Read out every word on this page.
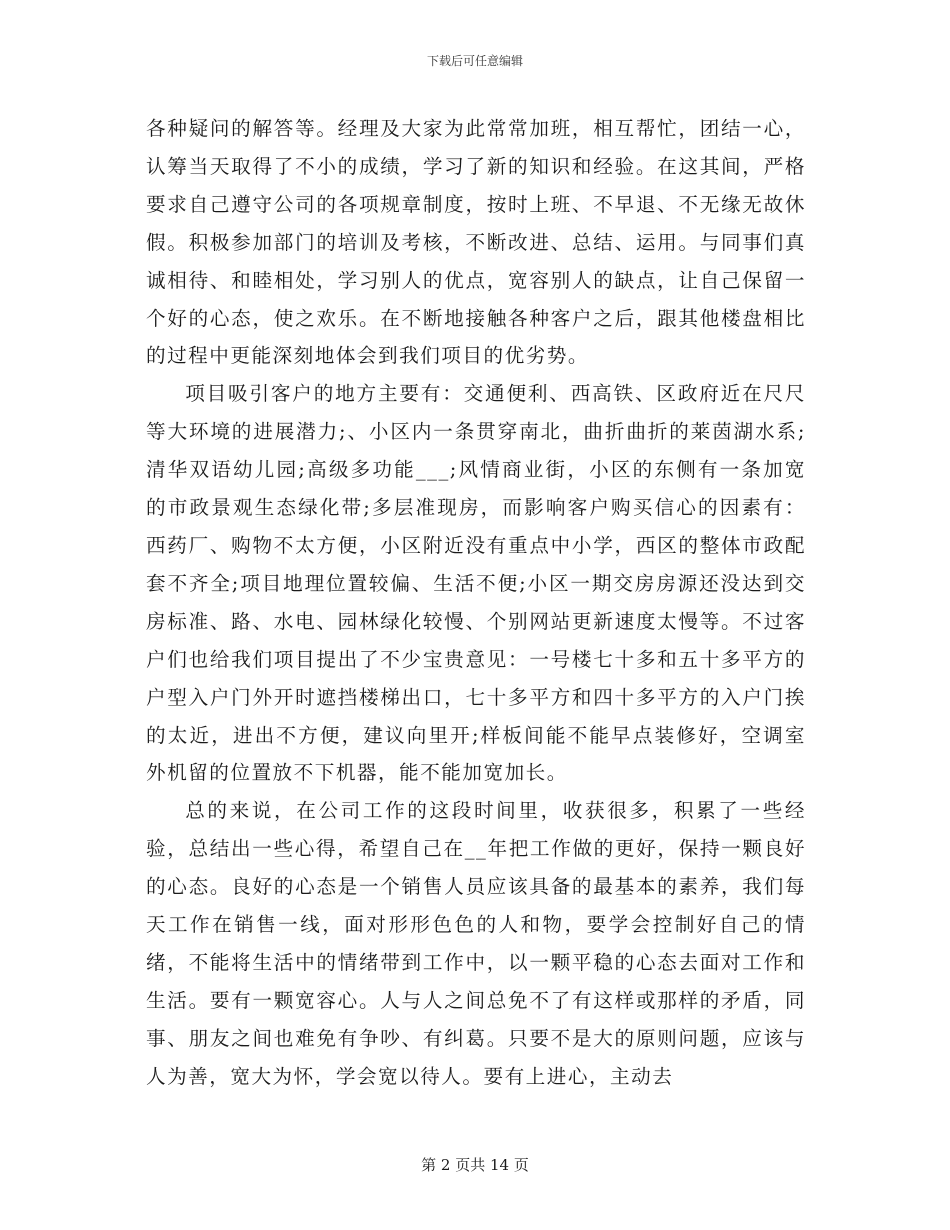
下载后可任意编辑

各种疑问的解答等。经理及大家为此常常加班，相互帮忙，团结一心，认筹当天取得了不小的成绩，学习了新的知识和经验。在这其间，严格要求自己遵守公司的各项规章制度，按时上班、不早退、不无缘无故休假。积极参加部门的培训及考核，不断改进、总结、运用。与同事们真诚相待、和睦相处，学习别人的优点，宽容别人的缺点，让自己保留一个好的心态，使之欢乐。在不断地接触各种客户之后，跟其他楼盘相比的过程中更能深刻地体会到我们项目的优劣势。

项目吸引客户的地方主要有：交通便利、西高铁、区政府近在尺尺等大环境的进展潜力;、小区内一条贯穿南北，曲折曲折的莱茵湖水系;清华双语幼儿园;高级多功能___;风情商业街，小区的东侧有一条加宽的市政景观生态绿化带;多层准现房，而影响客户购买信心的因素有：西药厂、购物不太方便，小区附近没有重点中小学，西区的整体市政配套不齐全;项目地理位置较偏、生活不便;小区一期交房房源还没达到交房标准、路、水电、园林绿化较慢、个别网站更新速度太慢等。不过客户们也给我们项目提出了不少宝贵意见：一号楼七十多和五十多平方的户型入户门外开时遮挡楼梯出口，七十多平方和四十多平方的入户门挨的太近，进出不方便，建议向里开;样板间能不能早点装修好，空调室外机留的位置放不下机器，能不能加宽加长。

总的来说，在公司工作的这段时间里，收获很多，积累了一些经验，总结出一些心得，希望自己在__年把工作做的更好，保持一颗良好的心态。良好的心态是一个销售人员应该具备的最基本的素养，我们每天工作在销售一线，面对形形色色的人和物，要学会控制好自己的情绪，不能将生活中的情绪带到工作中，以一颗平稳的心态去面对工作和生活。要有一颗宽容心。人与人之间总免不了有这样或那样的矛盾，同事、朋友之间也难免有争吵、有纠葛。只要不是大的原则问题，应该与人为善，宽大为怀，学会宽以待人。要有上进心，主动去

第 2 页共 14 页
